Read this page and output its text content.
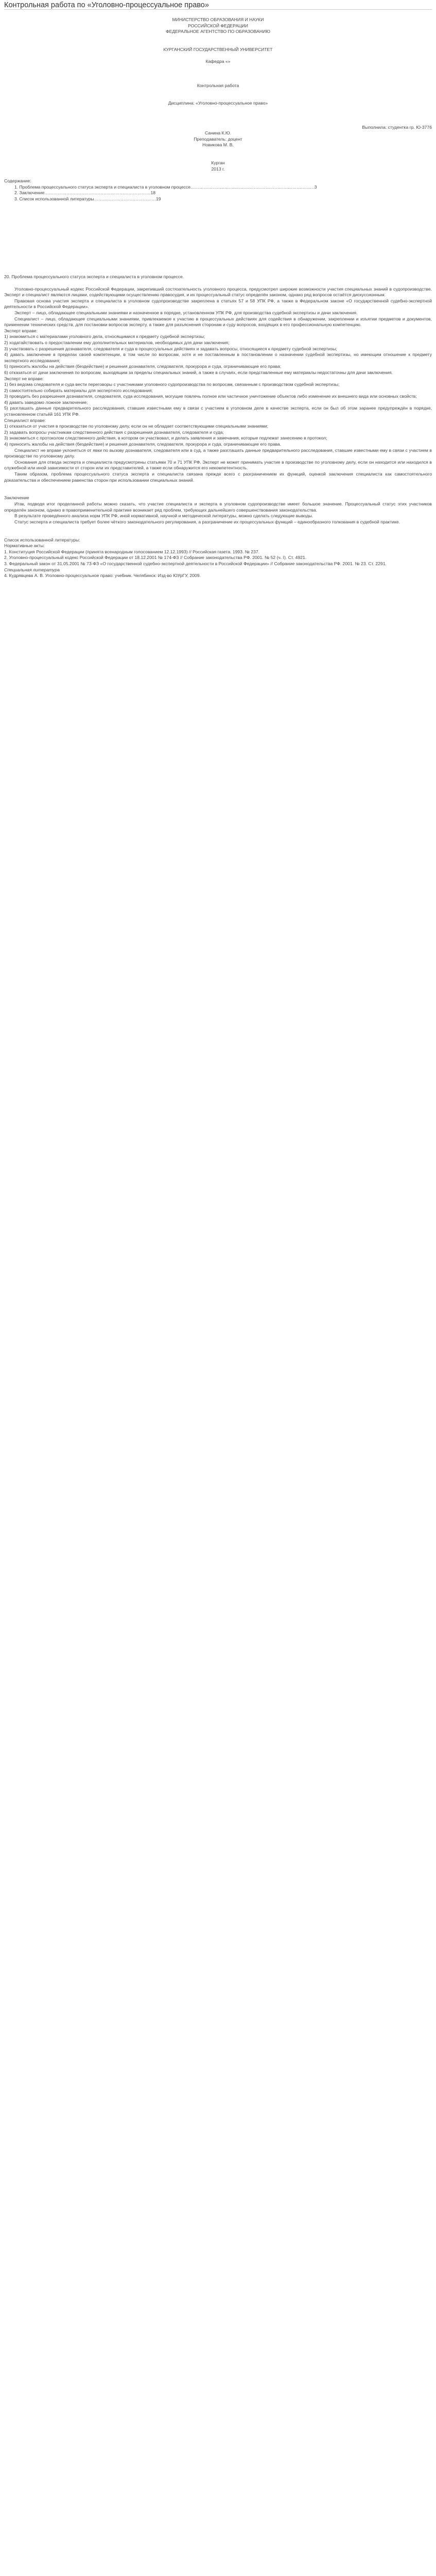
Контрольная работа по «Уголовно-процессуальное право»

МИНИСТЕРСТВО ОБРАЗОВАНИЯ И НАУКИ

РОССИЙСКОЙ ФЕДЕРАЦИИ

ФЕДЕРАЛЬНОЕ АГЕНТСТВО ПО ОБРАЗОВАНИЮ

КУРГАНСКИЙ ГОСУДАРСТВЕННЫЙ УНИВЕРСИТЕТ

Кафедра «»

Контрольная работа

Дисциплина: «Уголовно-процессуальное право»

Выполнила: студентка гр. Ю-3776

Санина К.Ю.

Преподаватель: доцент

Новикова М. В.

Курган

2013 г.

Содержание:

1. Проблема процессуального статуса эксперта и специалиста в уголовном процессе…………………………………………………………………………3
2. Заключение………………………………………………………………18
3. Список использованной литературы……………………………………19

20. Проблема процессуального статуса эксперта и специалиста в уголовном процессе.

Уголовно-процессуальный кодекс Российской Федерации, закрепивший состязательность уголовного процесса, предусмотрел широкие возможности участия специальных знаний в судопроизводстве. Эксперт и специалист являются лицами, содействующими осуществлению правосудия, и их процессуальный статус определён законом, однако ряд вопросов остаётся дискуссионным.

Правовая основа участия эксперта и специалиста в уголовном судопроизводстве закреплена в статьях 57 и 58 УПК РФ, а также в Федеральном законе «О государственной судебно-экспертной деятельности в Российской Федерации».

Эксперт – лицо, обладающее специальными знаниями и назначенное в порядке, установленном УПК РФ, для производства судебной экспертизы и дачи заключения.

Специалист – лицо, обладающее специальными знаниями, привлекаемое к участию в процессуальных действиях для содействия в обнаружении, закреплении и изъятии предметов и документов, применении технических средств, для постановки вопросов эксперту, а также для разъяснения сторонам и суду вопросов, входящих в его профессиональную компетенцию.

Эксперт вправе:

1) знакомиться с материалами уголовного дела, относящимися к предмету судебной экспертизы;

2) ходатайствовать о предоставлении ему дополнительных материалов, необходимых для дачи заключения;

3) участвовать с разрешения дознавателя, следователя и суда в процессуальных действиях и задавать вопросы, относящиеся к предмету судебной экспертизы;

4) давать заключение в пределах своей компетенции, в том числе по вопросам, хотя и не поставленным в постановлении о назначении судебной экспертизы, но имеющим отношение к предмету экспертного исследования;

5) приносить жалобы на действия (бездействие) и решения дознавателя, следователя, прокурора и суда, ограничивающие его права;

6) отказаться от дачи заключения по вопросам, выходящим за пределы специальных знаний, а также в случаях, если представленные ему материалы недостаточны для дачи заключения.

Эксперт не вправе:

1) без ведома следователя и суда вести переговоры с участниками уголовного судопроизводства по вопросам, связанным с производством судебной экспертизы;

2) самостоятельно собирать материалы для экспертного исследования;

3) проводить без разрешения дознавателя, следователя, суда исследования, могущие повлечь полное или частичное уничтожение объектов либо изменение их внешнего вида или основных свойств;

4) давать заведомо ложное заключение;

5) разглашать данные предварительного расследования, ставшие известными ему в связи с участием в уголовном деле в качестве эксперта, если он был об этом заранее предупреждён в порядке, установленном статьёй 161 УПК РФ.

Специалист вправе:

1) отказаться от участия в производстве по уголовному делу, если он не обладает соответствующими специальными знаниями;

2) задавать вопросы участникам следственного действия с разрешения дознавателя, следователя и суда;

3) знакомиться с протоколом следственного действия, в котором он участвовал, и делать заявления и замечания, которые подлежат занесению в протокол;

4) приносить жалобы на действия (бездействие) и решения дознавателя, следователя, прокурора и суда, ограничивающие его права.

Специалист не вправе уклоняться от явки по вызову дознавателя, следователя или в суд, а также разглашать данные предварительного расследования, ставшие известными ему в связи с участием в производстве по уголовному делу.

Основания для отвода эксперта и специалиста предусмотрены статьями 70 и 71 УПК РФ. Эксперт не может принимать участие в производстве по уголовному делу, если он находится или находился в служебной или иной зависимости от сторон или их представителей, а также если обнаружится его некомпетентность.

Таким образом, проблема процессуального статуса эксперта и специалиста связана прежде всего с разграничением их функций, оценкой заключения специалиста как самостоятельного доказательства и обеспечением равенства сторон при использовании специальных знаний.

Заключение

Итак, подводя итог проделанной работы можно сказать, что участие специалиста и эксперта в уголовном судопроизводстве имеет большое значение. Процессуальный статус этих участников определён законом, однако в правоприменительной практике возникает ряд проблем, требующих дальнейшего совершенствования законодательства.

В результате проведённого анализа норм УПК РФ, иной нормативной, научной и методической литературы, можно сделать следующие выводы.

Статус эксперта и специалиста требует более чёткого законодательного регулирования, а разграничение их процессуальных функций – единообразного толкования в судебной практике.

Список использованной литературы:

Нормативные акты:

1. Конституция Российской Федерации (принята всенародным голосованием 12.12.1993) // Российская газета. 1993. № 237.

2. Уголовно-процессуальный кодекс Российской Федерации от 18.12.2001 № 174-ФЗ // Собрание законодательства РФ. 2001. № 52 (ч. I). Ст. 4921.

3. Федеральный закон от 31.05.2001 № 73-ФЗ «О государственной судебно-экспертной деятельности в Российской Федерации» // Собрание законодательства РФ. 2001. № 23. Ст. 2291.

Специальная литература

4. Кудрявцева А. В. Уголовно-процессуальное право: учебник. Челябинск: Изд-во ЮУрГУ, 2009.
